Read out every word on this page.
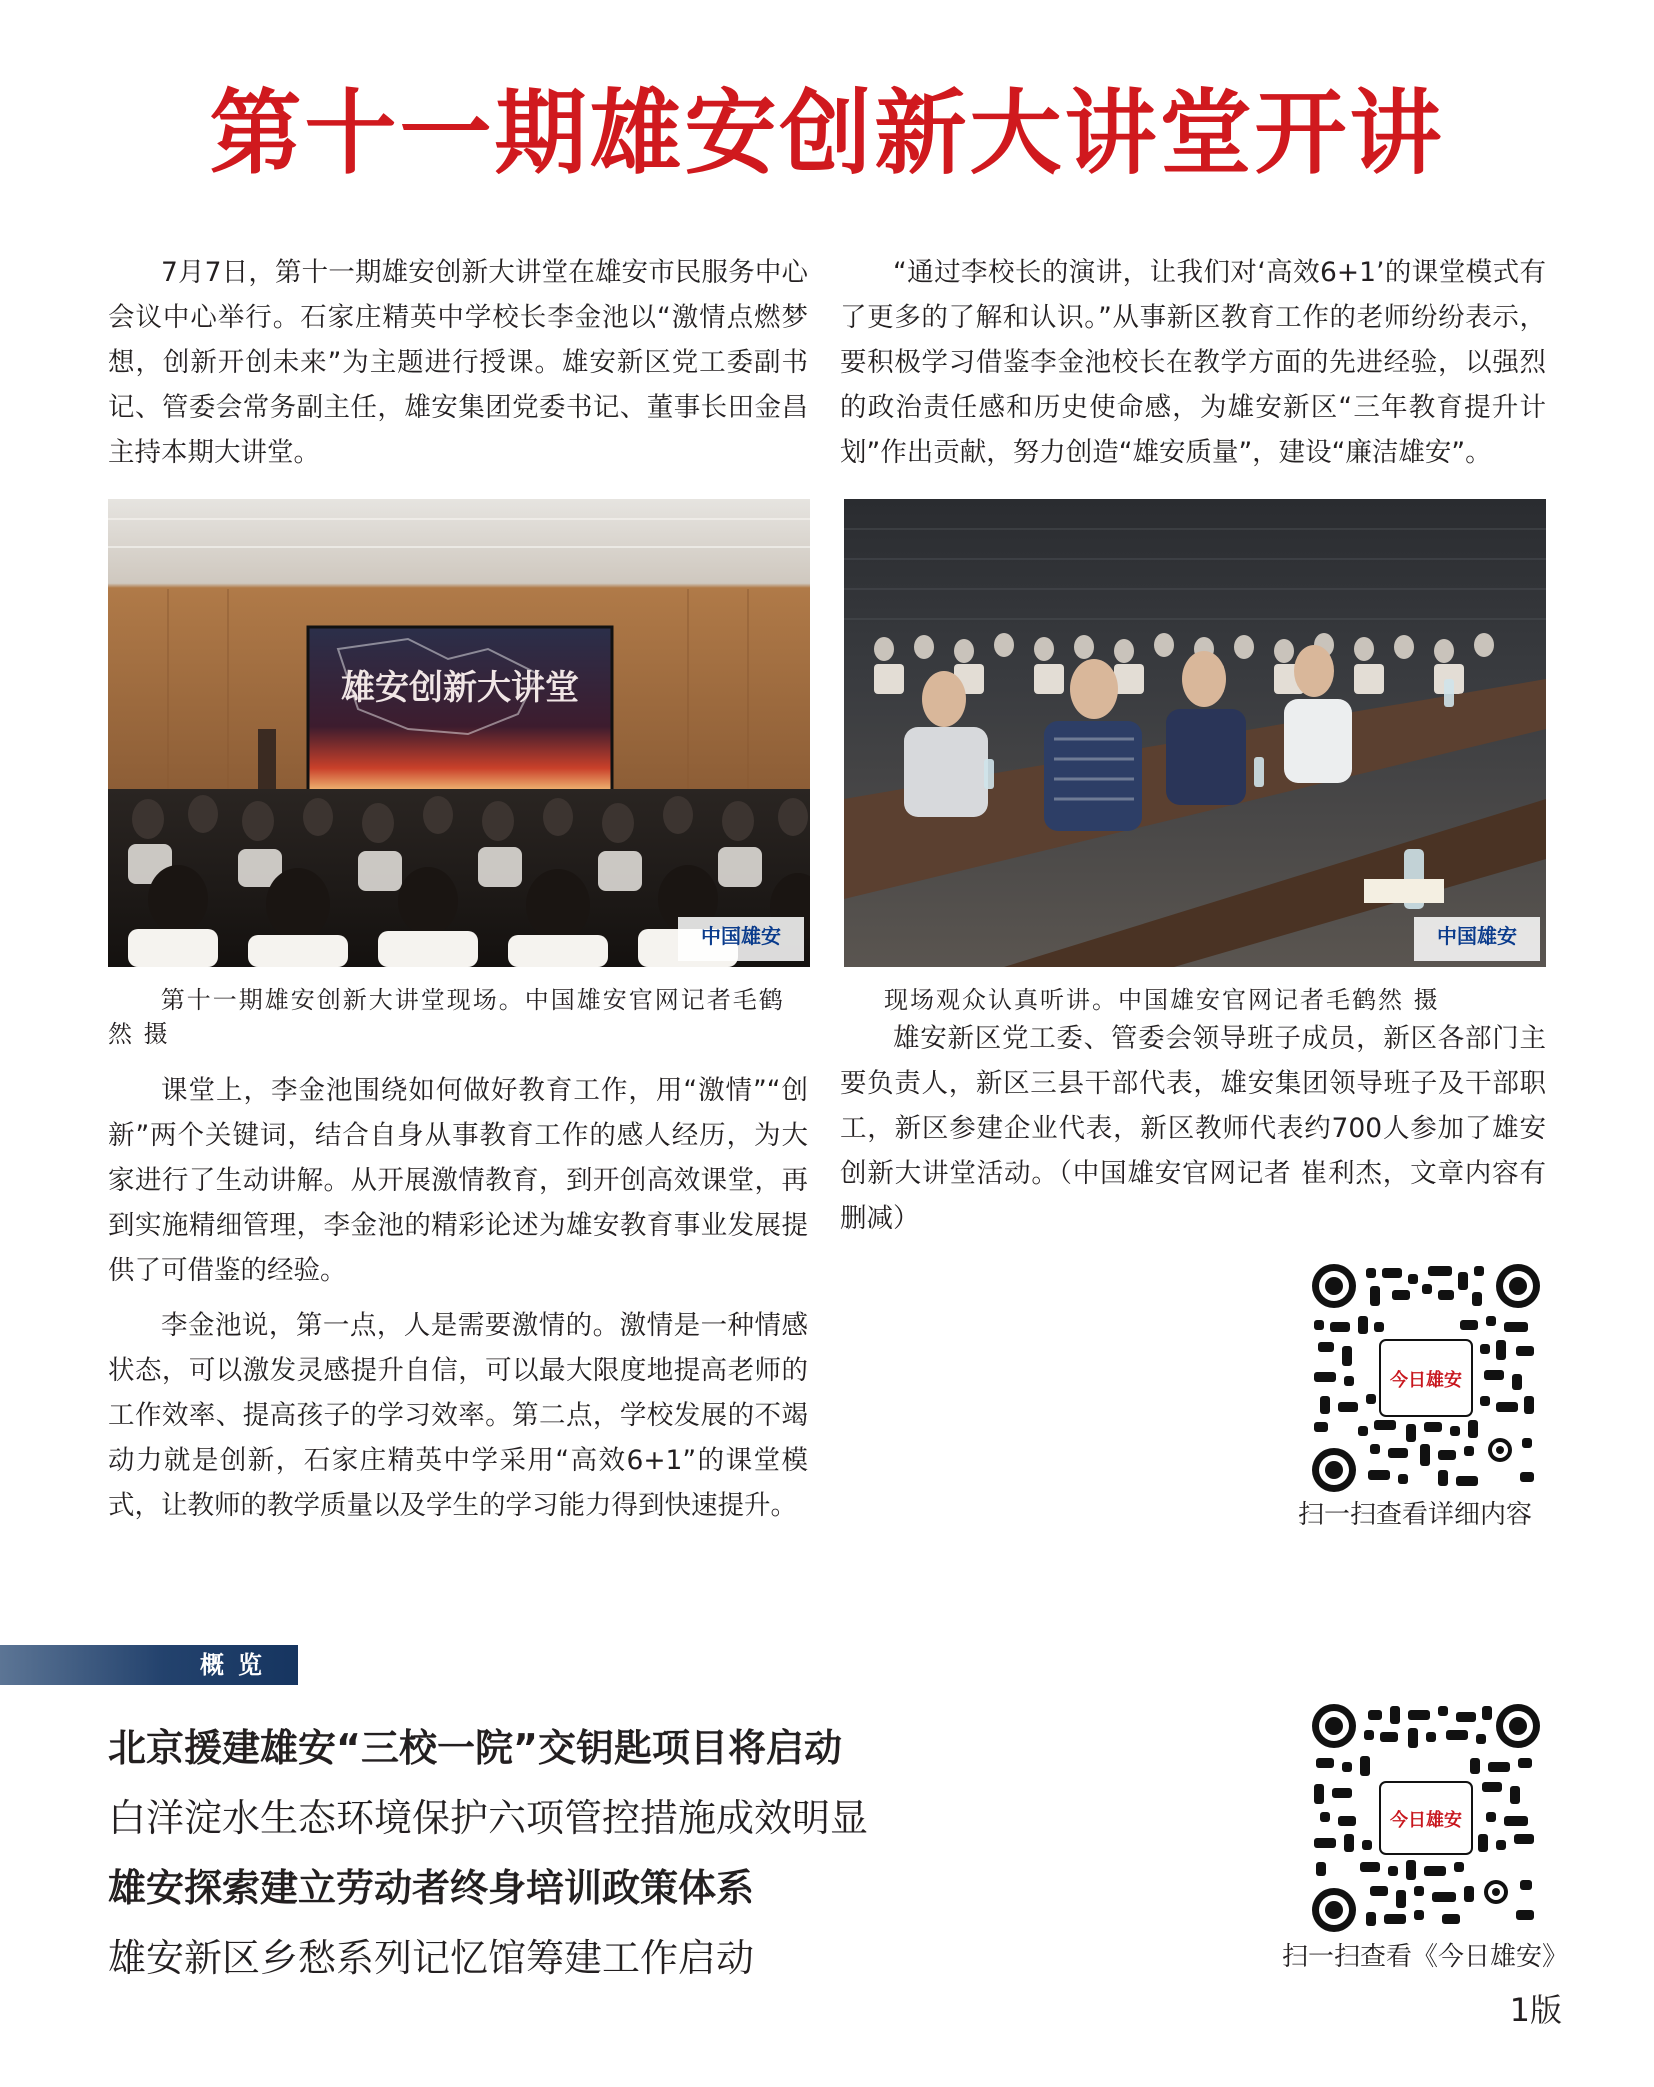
第十一期雄安创新大讲堂开讲

7月7日，第十一期雄安创新大讲堂在雄安市民服务中心会议中心举行。石家庄精英中学校长李金池以“激情点燃梦想，创新开创未来”为主题进行授课。雄安新区党工委副书记、管委会常务副主任，雄安集团党委书记、董事长田金昌主持本期大讲堂。

“通过李校长的演讲，让我们对‘高效6+1’的课堂模式有了更多的了解和认识。”从事新区教育工作的老师纷纷表示，要积极学习借鉴李金池校长在教学方面的先进经验，以强烈的政治责任感和历史使命感，为雄安新区“三年教育提升计划”作出贡献，努力创造“雄安质量”，建设“廉洁雄安”。

雄安创新大讲堂
中国雄安	中国雄安

第十一期雄安创新大讲堂现场。中国雄安官网记者毛鹤然 摄

现场观众认真听讲。中国雄安官网记者毛鹤然 摄

课堂上，李金池围绕如何做好教育工作，用“激情”“创新”两个关键词，结合自身从事教育工作的感人经历，为大家进行了生动讲解。从开展激情教育，到开创高效课堂，再到实施精细管理，李金池的精彩论述为雄安教育事业发展提供了可借鉴的经验。

李金池说，第一点，人是需要激情的。激情是一种情感状态，可以激发灵感提升自信，可以最大限度地提高老师的工作效率、提高孩子的学习效率。第二点，学校发展的不竭动力就是创新，石家庄精英中学采用“高效6+1”的课堂模式，让教师的教学质量以及学生的学习能力得到快速提升。

雄安新区党工委、管委会领导班子成员，新区各部门主要负责人，新区三县干部代表，雄安集团领导班子及干部职工，新区参建企业代表，新区教师代表约700人参加了雄安创新大讲堂活动。（中国雄安官网记者 崔利杰，文章内容有删减）

今日雄安

扫一扫查看详细内容

概览
北京援建雄安“三校一院”交钥匙项目将启动
白洋淀水生态环境保护六项管控措施成效明显
雄安探索建立劳动者终身培训政策体系
雄安新区乡愁系列记忆馆筹建工作启动
今日雄安

扫一扫查看《今日雄安》

1版
